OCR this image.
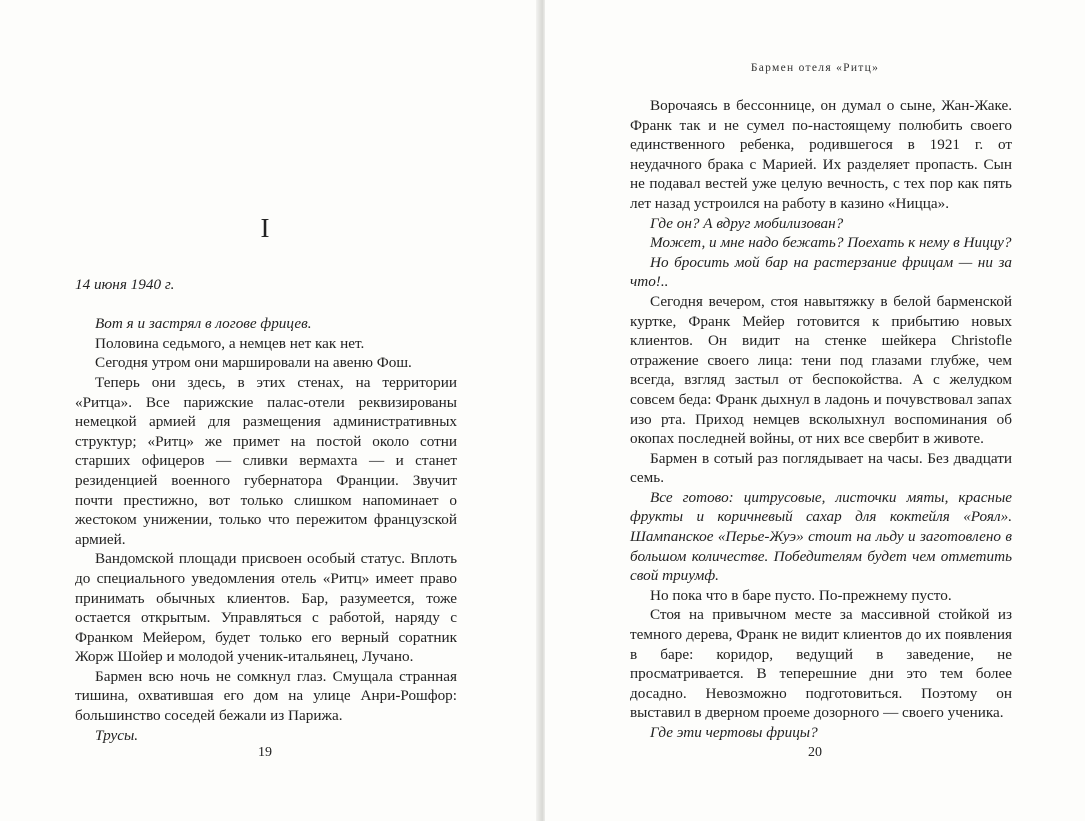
I

14 июня 1940 г.

Вот я и застрял в логове фрицев.

Половина седьмого, а немцев нет как нет.

Сегодня утром они маршировали на авеню Фош.

Теперь они здесь, в этих стенах, на территории «Ритца». Все парижские палас-отели реквизированы немецкой армией для размещения административных структур; «Ритц» же примет на постой около сотни старших офицеров — сливки вермахта — и станет резиденцией военного губернатора Франции. Звучит почти престижно, вот только слишком напоминает о жестоком унижении, только что пережитом французской армией.

Вандомской площади присвоен особый статус. Вплоть до специального уведомления отель «Ритц» имеет право принимать обычных клиентов. Бар, разумеется, тоже остается открытым. Управляться с работой, наряду с Франком Мейером, будет только его верный соратник Жорж Шойер и молодой ученик-итальянец, Лучано.

Бармен всю ночь не сомкнул глаз. Смущала странная тишина, охватившая его дом на улице Анри-Рошфор: большинство соседей бежали из Парижа.

Трусы.

19
Бармен отеля «Ритц»

Ворочаясь в бессоннице, он думал о сыне, Жан-Жаке. Франк так и не сумел по-настоящему полюбить своего единственного ребенка, родившегося в 1921 г. от неудачного брака с Марией. Их разделяет пропасть. Сын не подавал вестей уже целую вечность, с тех пор как пять лет назад устроился на работу в казино «Ницца».

Где он? А вдруг мобилизован?

Может, и мне надо бежать? Поехать к нему в Ниццу?

Но бросить мой бар на растерзание фрицам — ни за что!..

Сегодня вечером, стоя навытяжку в белой барменской куртке, Франк Мейер готовится к прибытию новых клиентов. Он видит на стенке шейкера Christofle отражение своего лица: тени под глазами глубже, чем всегда, взгляд застыл от беспокойства. А с желудком совсем беда: Франк дыхнул в ладонь и почувствовал запах изо рта. Приход немцев всколыхнул воспоминания об окопах последней войны, от них все свербит в животе.

Бармен в сотый раз поглядывает на часы. Без двадцати семь.

Все готово: цитрусовые, листочки мяты, красные фрукты и коричневый сахар для коктейля «Роял». Шампанское «Перье-Жуэ» стоит на льду и заготовлено в большом количестве. Победителям будет чем отметить свой триумф.

Но пока что в баре пусто. По-прежнему пусто.

Стоя на привычном месте за массивной стойкой из темного дерева, Франк не видит клиентов до их появления в баре: коридор, ведущий в заведение, не просматривается. В теперешние дни это тем более досадно. Невозможно подготовиться. Поэтому он выставил в дверном проеме дозорного — своего ученика.

Где эти чертовы фрицы?

20
